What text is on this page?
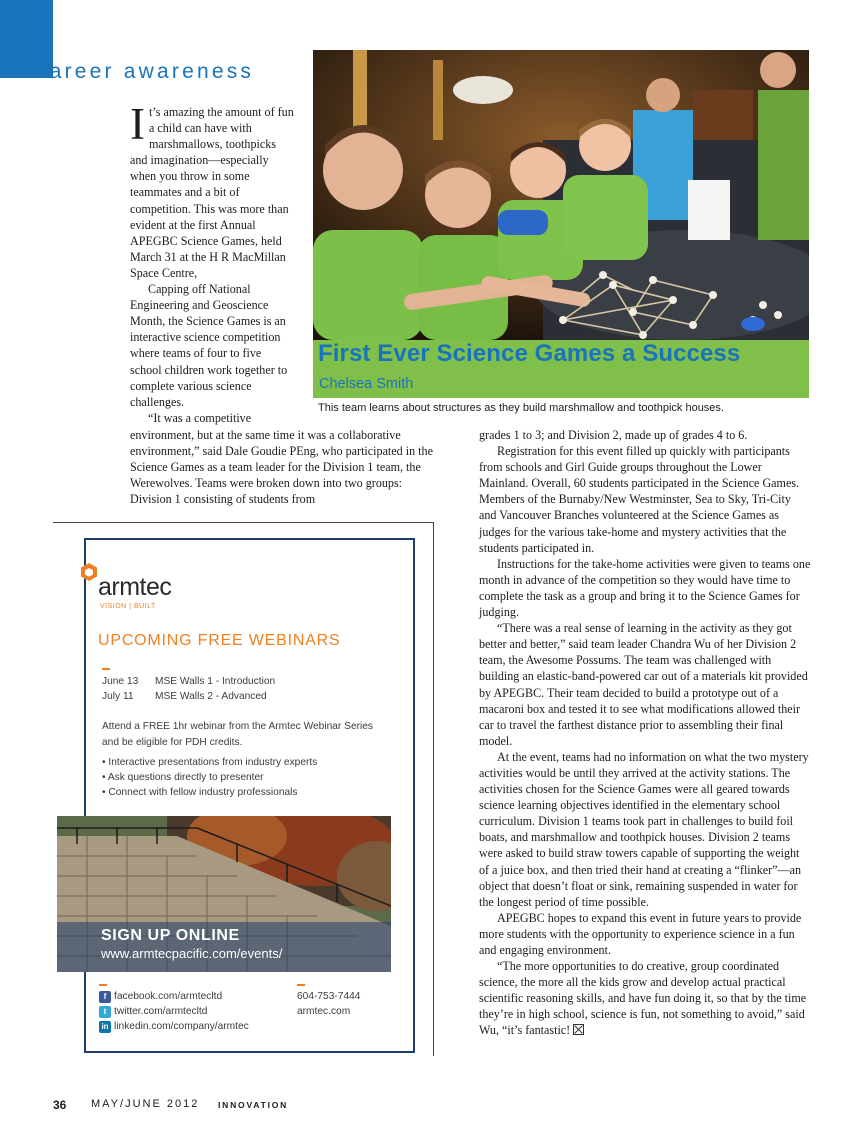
career awareness
First Ever Science Games a Success
Chelsea Smith
This team learns about structures as they build marshmallow and toothpick houses.

It’s amazing the amount of fun a child can have with marshmallows, toothpicks and imagination—especially when you throw in some teammates and a bit of competition. This was more than evident at the first Annual APEGBC Science Games, held March 31 at the H R MacMillan Space Centre,

Capping off National Engineering and Geoscience Month, the Science Games is an interactive science competition where teams of four to five school children work together to complete various science challenges.

“It was a competitive

environment, but at the same time it was a collaborative environment,” said Dale Goudie PEng, who participated in the Science Games as a team leader for the Division 1 team, the Werewolves. Teams were broken down into two groups: Division 1 consisting of students from

grades 1 to 3; and Division 2, made up of grades 4 to 6.

Registration for this event filled up quickly with participants from schools and Girl Guide groups throughout the Lower Mainland. Overall, 60 students participated in the Science Games. Members of the Burnaby/New Westminster, Sea to Sky, Tri-City and Vancouver Branches volunteered at the Science Games as judges for the various take-home and mystery activities that the students participated in.

Instructions for the take-home activities were given to teams one month in advance of the competition so they would have time to complete the task as a group and bring it to the Science Games for judging.

“There was a real sense of learning in the activity as they got better and better,” said team leader Chandra Wu of her Division 2 team, the Awesome Possums. The team was challenged with building an elastic-band-powered car out of a materials kit provided by APEGBC. Their team decided to build a prototype out of a macaroni box and tested it to see what modifications allowed their car to travel the farthest distance prior to assembling their final model.

At the event, teams had no information on what the two mystery activities would be until they arrived at the activity stations. The activities chosen for the Science Games were all geared towards science learning objectives identified in the elementary school curriculum. Division 1 teams took part in challenges to build foil boats, and marshmallow and toothpick houses. Division 2 teams were asked to build straw towers capable of supporting the weight of a juice box, and then tried their hand at creating a “flinker”—an object that doesn’t float or sink, remaining suspended in water for the longest period of time possible.

APEGBC hopes to expand this event in future years to provide more students with the opportunity to experience science in a fun and engaging environment.

“The more opportunities to do creative, group coordinated science, the more all the kids grow and develop actual practical scientific reasoning skills, and have fun doing it, so that by the time they’re in high school, science is fun, not something to avoid,” said Wu, “it’s fantastic!

armtec
VISION | BUILT
UPCOMING FREE WEBINARS
June 13 MSE Walls 1 - Introduction
July 11 MSE Walls 2 - Advanced
Attend a FREE 1hr webinar from the Armtec Webinar Series and be eligible for PDH credits.
• Interactive presentations from industry experts
• Ask questions directly to presenter
• Connect with fellow industry professionals
SIGN UP ONLINE
www.armtecpacific.com/events/
f facebook.com/armtecltd
t twitter.com/armtecltd
in linkedin.com/company/armtec
604-753-7444
armtec.com
36 MAY/JUNE 2012 INNOVATION
